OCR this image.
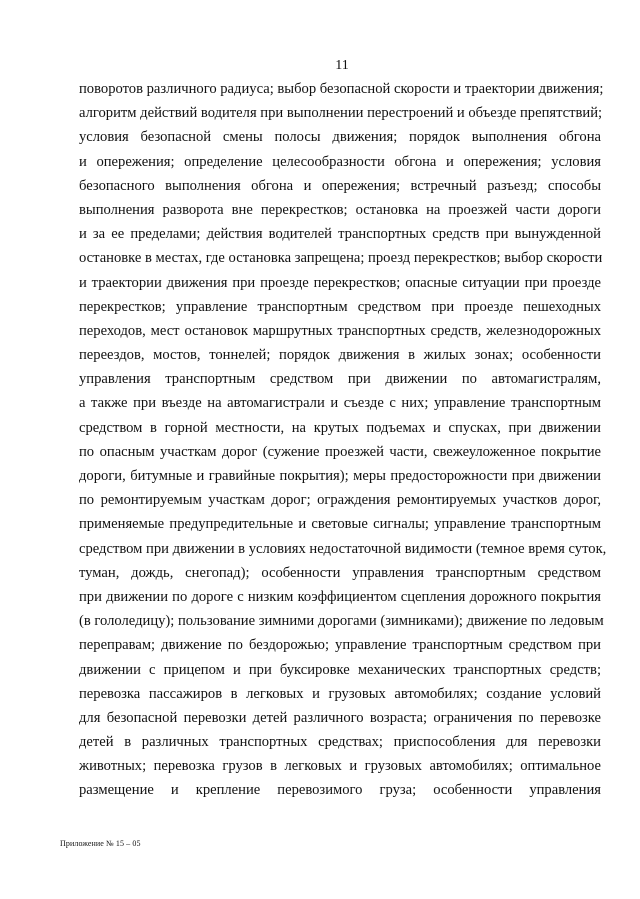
11
поворотов различного радиуса; выбор безопасной скорости и траектории движения;
алгоритм действий водителя при выполнении перестроений и объезде препятствий;
условия безопасной смены полосы движения; порядок выполнения обгона
и опережения; определение целесообразности обгона и опережения; условия
безопасного выполнения обгона и опережения; встречный разъезд; способы
выполнения разворота вне перекрестков; остановка на проезжей части дороги
и за ее пределами; действия водителей транспортных средств при вынужденной
остановке в местах, где остановка запрещена; проезд перекрестков; выбор скорости
и траектории движения при проезде перекрестков; опасные ситуации при проезде
перекрестков; управление транспортным средством при проезде пешеходных
переходов, мест остановок маршрутных транспортных средств, железнодорожных
переездов, мостов, тоннелей; порядок движения в жилых зонах; особенности
управления транспортным средством при движении по автомагистралям,
а также при въезде на автомагистрали и съезде с них; управление транспортным
средством в горной местности, на крутых подъемах и спусках, при движении
по опасным участкам дорог (сужение проезжей части, свежеуложенное покрытие
дороги, битумные и гравийные покрытия); меры предосторожности при движении
по ремонтируемым участкам дорог; ограждения ремонтируемых участков дорог,
применяемые предупредительные и световые сигналы; управление транспортным
средством при движении в условиях недостаточной видимости (темное время суток,
туман, дождь, снегопад); особенности управления транспортным средством
при движении по дороге с низким коэффициентом сцепления дорожного покрытия
(в гололедицу); пользование зимними дорогами (зимниками); движение по ледовым
переправам; движение по бездорожью; управление транспортным средством при
движении с прицепом и при буксировке механических транспортных средств;
перевозка пассажиров в легковых и грузовых автомобилях; создание условий
для безопасной перевозки детей различного возраста; ограничения по перевозке
детей в различных транспортных средствах; приспособления для перевозки
животных; перевозка грузов в легковых и грузовых автомобилях; оптимальное
размещение и крепление перевозимого груза; особенности управления
Приложение № 15 – 05
